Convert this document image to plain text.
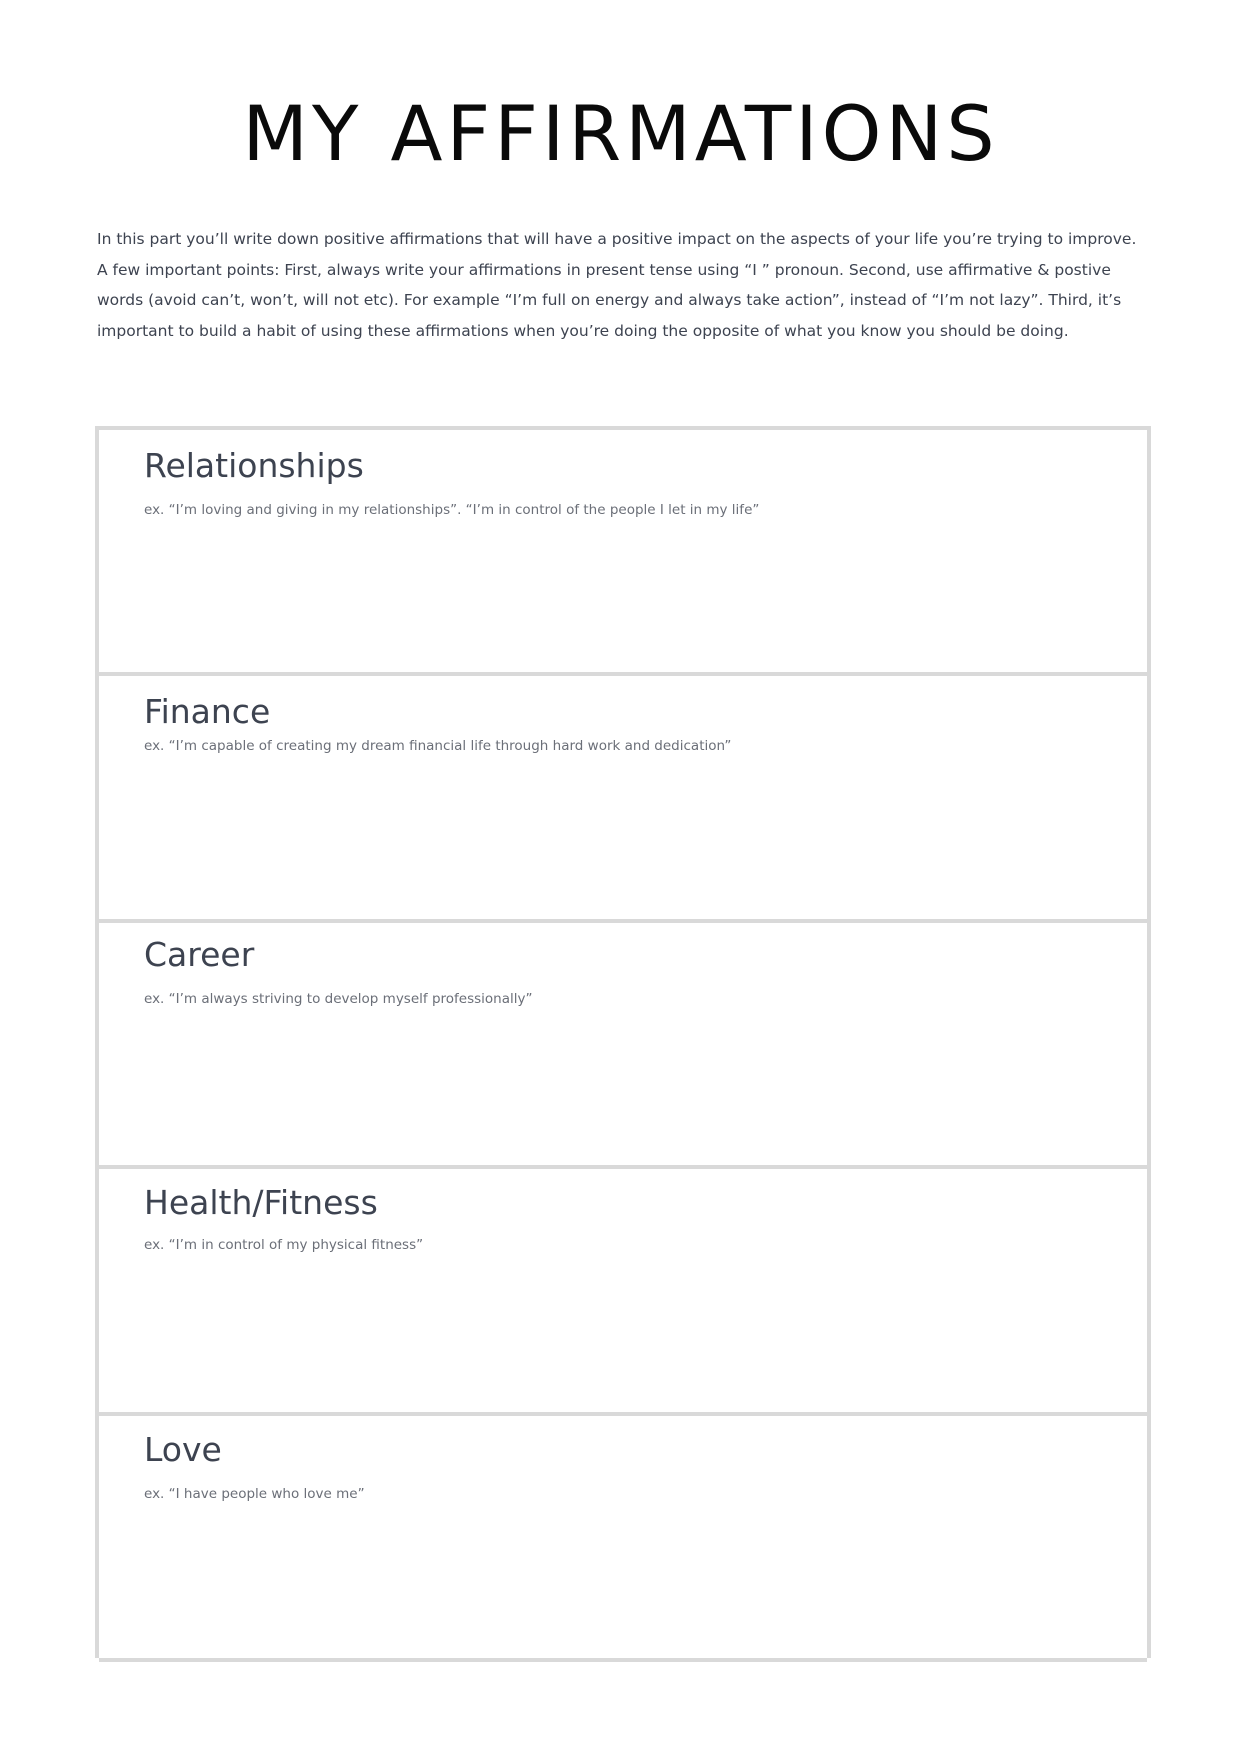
MY AFFIRMATIONS

In this part you’ll write down positive affirmations that will have a positive impact on the aspects of your life you’re trying to improve. A few important points: First, always write your affirmations in present tense using “I ” pronoun. Second, use affirmative & postive words (avoid can’t, won’t, will not etc). For example “I’m full on energy and always take action”, instead of “I’m not lazy”. Third, it’s important to build a habit of using these affirmations when you’re doing the opposite of what you know you should be doing.

Relationships

ex. “I’m loving and giving in my relationships”. “I’m in control of the people I let in my life”

Finance

ex. “I’m capable of creating my dream financial life through hard work and dedication”

Career

ex. “I’m always striving to develop myself professionally”

Health/Fitness

ex. “I’m in control of my physical fitness”

Love

ex. “I have people who love me”
